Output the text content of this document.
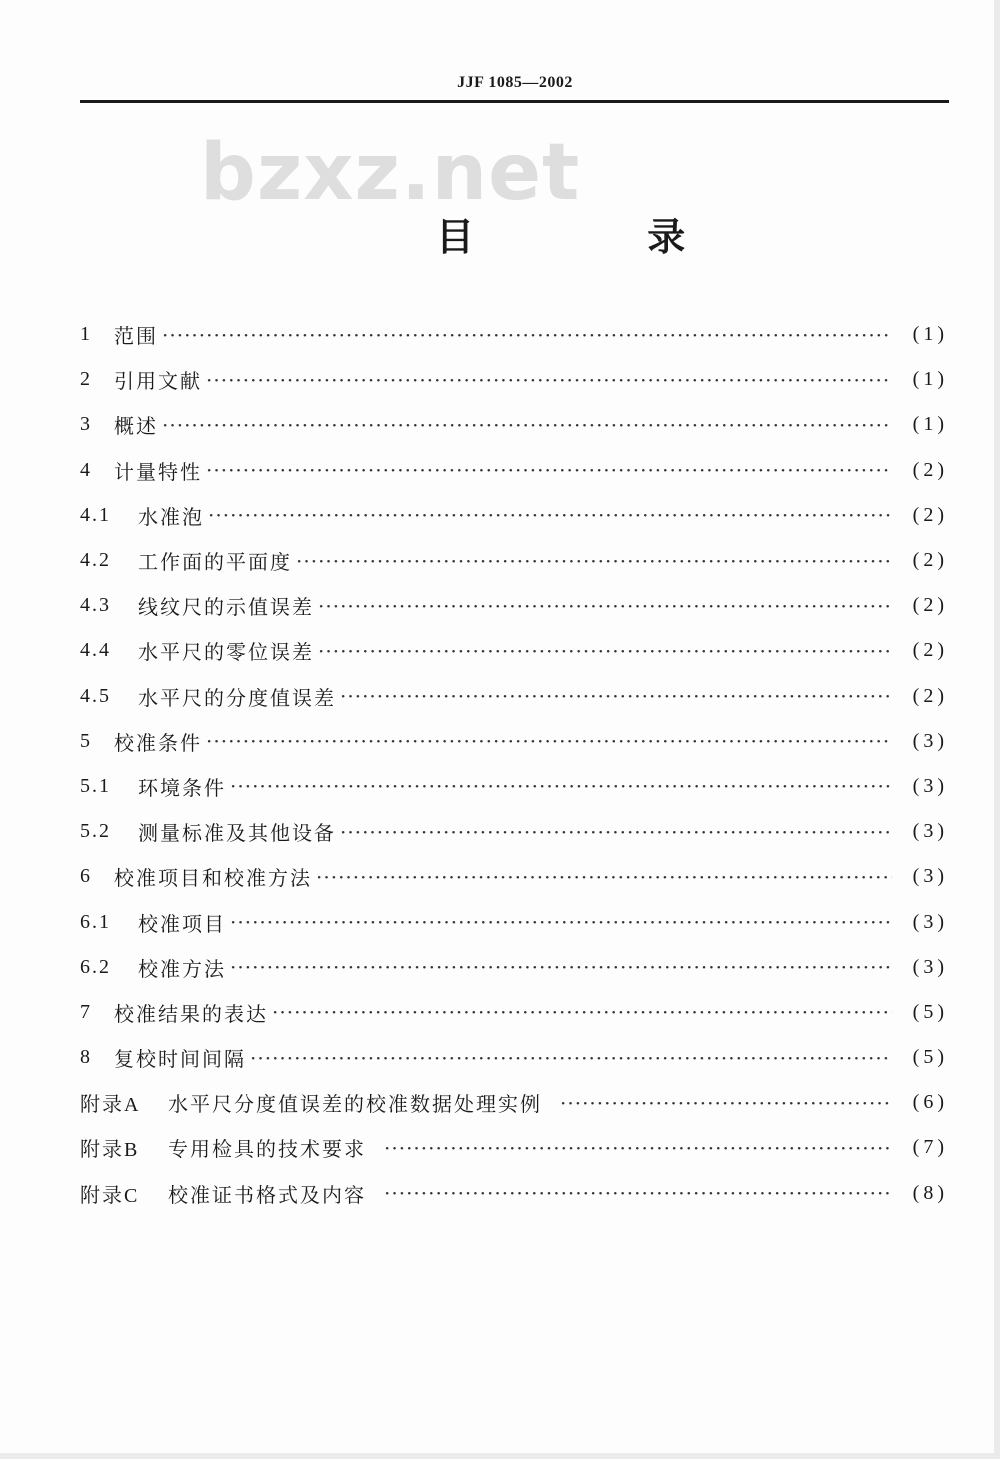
JJF 1085—2002
bzxz.net
目 录
1	范围 ·····	(1)
2	引用文献 ·····	(1)
3	概述 ·····	(1)
4	计量特性 ·····	(2)
4.1	水准泡 ·····	(2)
4.2	工作面的平面度 ·····	(2)
4.3	线纹尺的示值误差 ·····	(2)
4.4	水平尺的零位误差 ·····	(2)
4.5	水平尺的分度值误差 ·····	(2)
5	校准条件 ·····	(3)
5.1	环境条件 ·····	(3)
5.2	测量标准及其他设备 ·····	(3)
6	校准项目和校准方法 ·····	(3)
6.1	校准项目 ·····	(3)
6.2	校准方法 ·····	(3)
7	校准结果的表达 ·····	(5)
8	复校时间间隔 ·····	(5)
附录A	水平尺分度值误差的校准数据处理实例 ·····	(6)
附录B	专用检具的技术要求 ·····	(7)
附录C	校准证书格式及内容 ·····	(8)
